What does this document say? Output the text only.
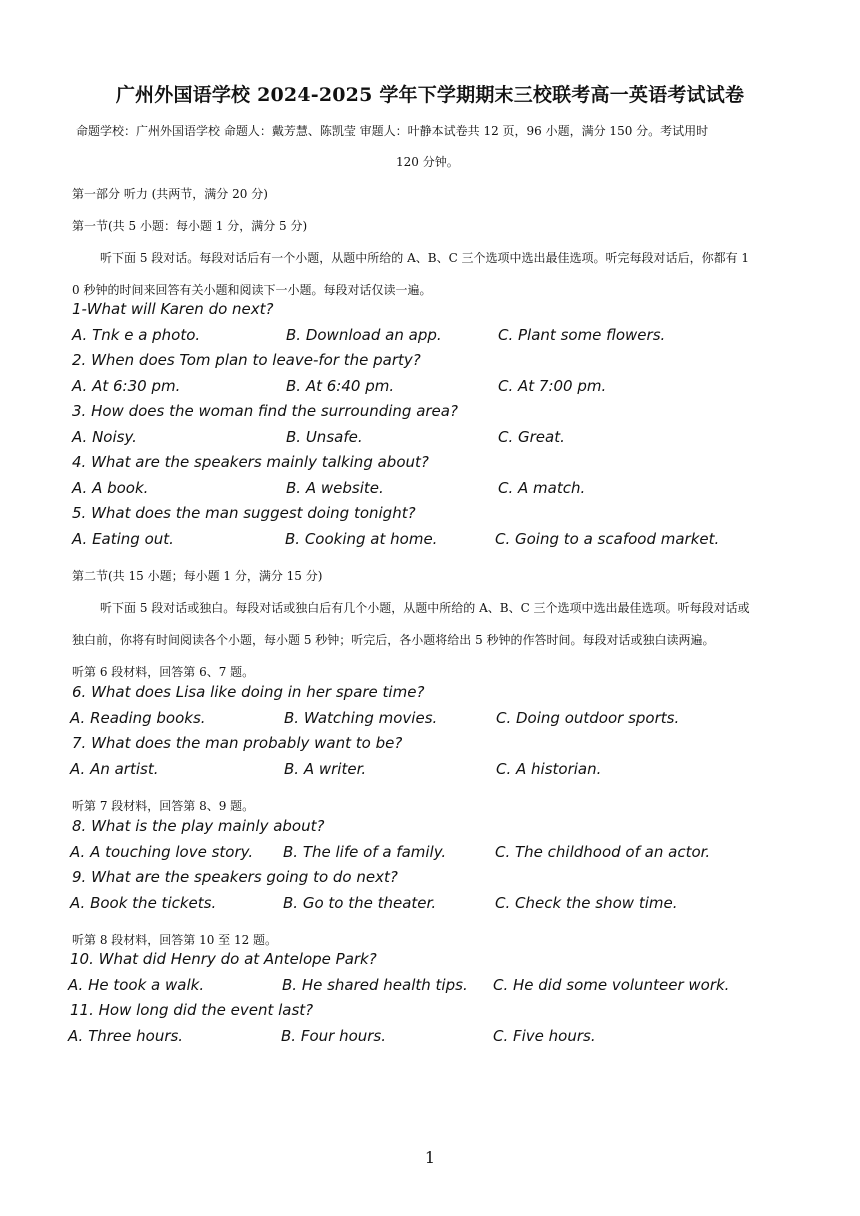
广州外国语学校 2024-2025 学年下学期期末三校联考高一英语考试试卷
命题学校：广州外国语学校 命题人：戴芳慧、陈凯莹 审题人：叶静本试卷共 12 页，96 小题，满分 150 分。考试用时
120 分钟。
第一部分 听力 (共两节，满分 20 分)
第一节(共 5 小题：每小题 1 分，满分 5 分)
听下面 5 段对话。每段对话后有一个小题，从题中所给的 A、B、C 三个选项中选出最佳选项。听完每段对话后，你都有 1
0 秒钟的时间来回答有关小题和阅读下一小题。每段对话仅读一遍。
1-What will Karen do next?
A. Tnk e a photo.	B. Download an app.	C. Plant some flowers.
2. When does Tom plan to leave-for the party?
A. At 6:30 pm.	B. At 6:40 pm.	C. At 7:00 pm.
3. How does the woman find the surrounding area?
A. Noisy.	B. Unsafe.	C. Great.
4. What are the speakers mainly talking about?
A. A book.	B. A website.	C. A match.
5. What does the man suggest doing tonight?
A. Eating out.	B. Cooking at home.	C. Going to a scafood market.
第二节(共 15 小题；每小题 1 分，满分 15 分)
听下面 5 段对话或独白。每段对话或独白后有几个小题，从题中所给的 A、B、C 三个选项中选出最佳选项。听每段对话或
独白前，你将有时间阅读各个小题，每小题 5 秒钟；听完后，各小题将给出 5 秒钟的作答时间。每段对话或独白读两遍。
听第 6 段材料，回答第 6、7 题。
6. What does Lisa like doing in her spare time?
A. Reading books.	B. Watching movies.	C. Doing outdoor sports.
7. What does the man probably want to be?
A. An artist.	B. A writer.	C. A historian.
听第 7 段材料，回答第 8、9 题。
8. What is the play mainly about?
A. A touching love story. B. The life of a family.	C. The childhood of an actor.
9. What are the speakers going to do next?
A. Book the tickets.	B. Go to the theater.	C. Check the show time.
听第 8 段材料，回答第 10 至 12 题。
10. What did Henry do at Antelope Park?
A. He took a walk.	B. He shared health tips. C. He did some volunteer work.
11. How long did the event last?
A. Three hours.	B. Four hours.	C. Five hours.
1
